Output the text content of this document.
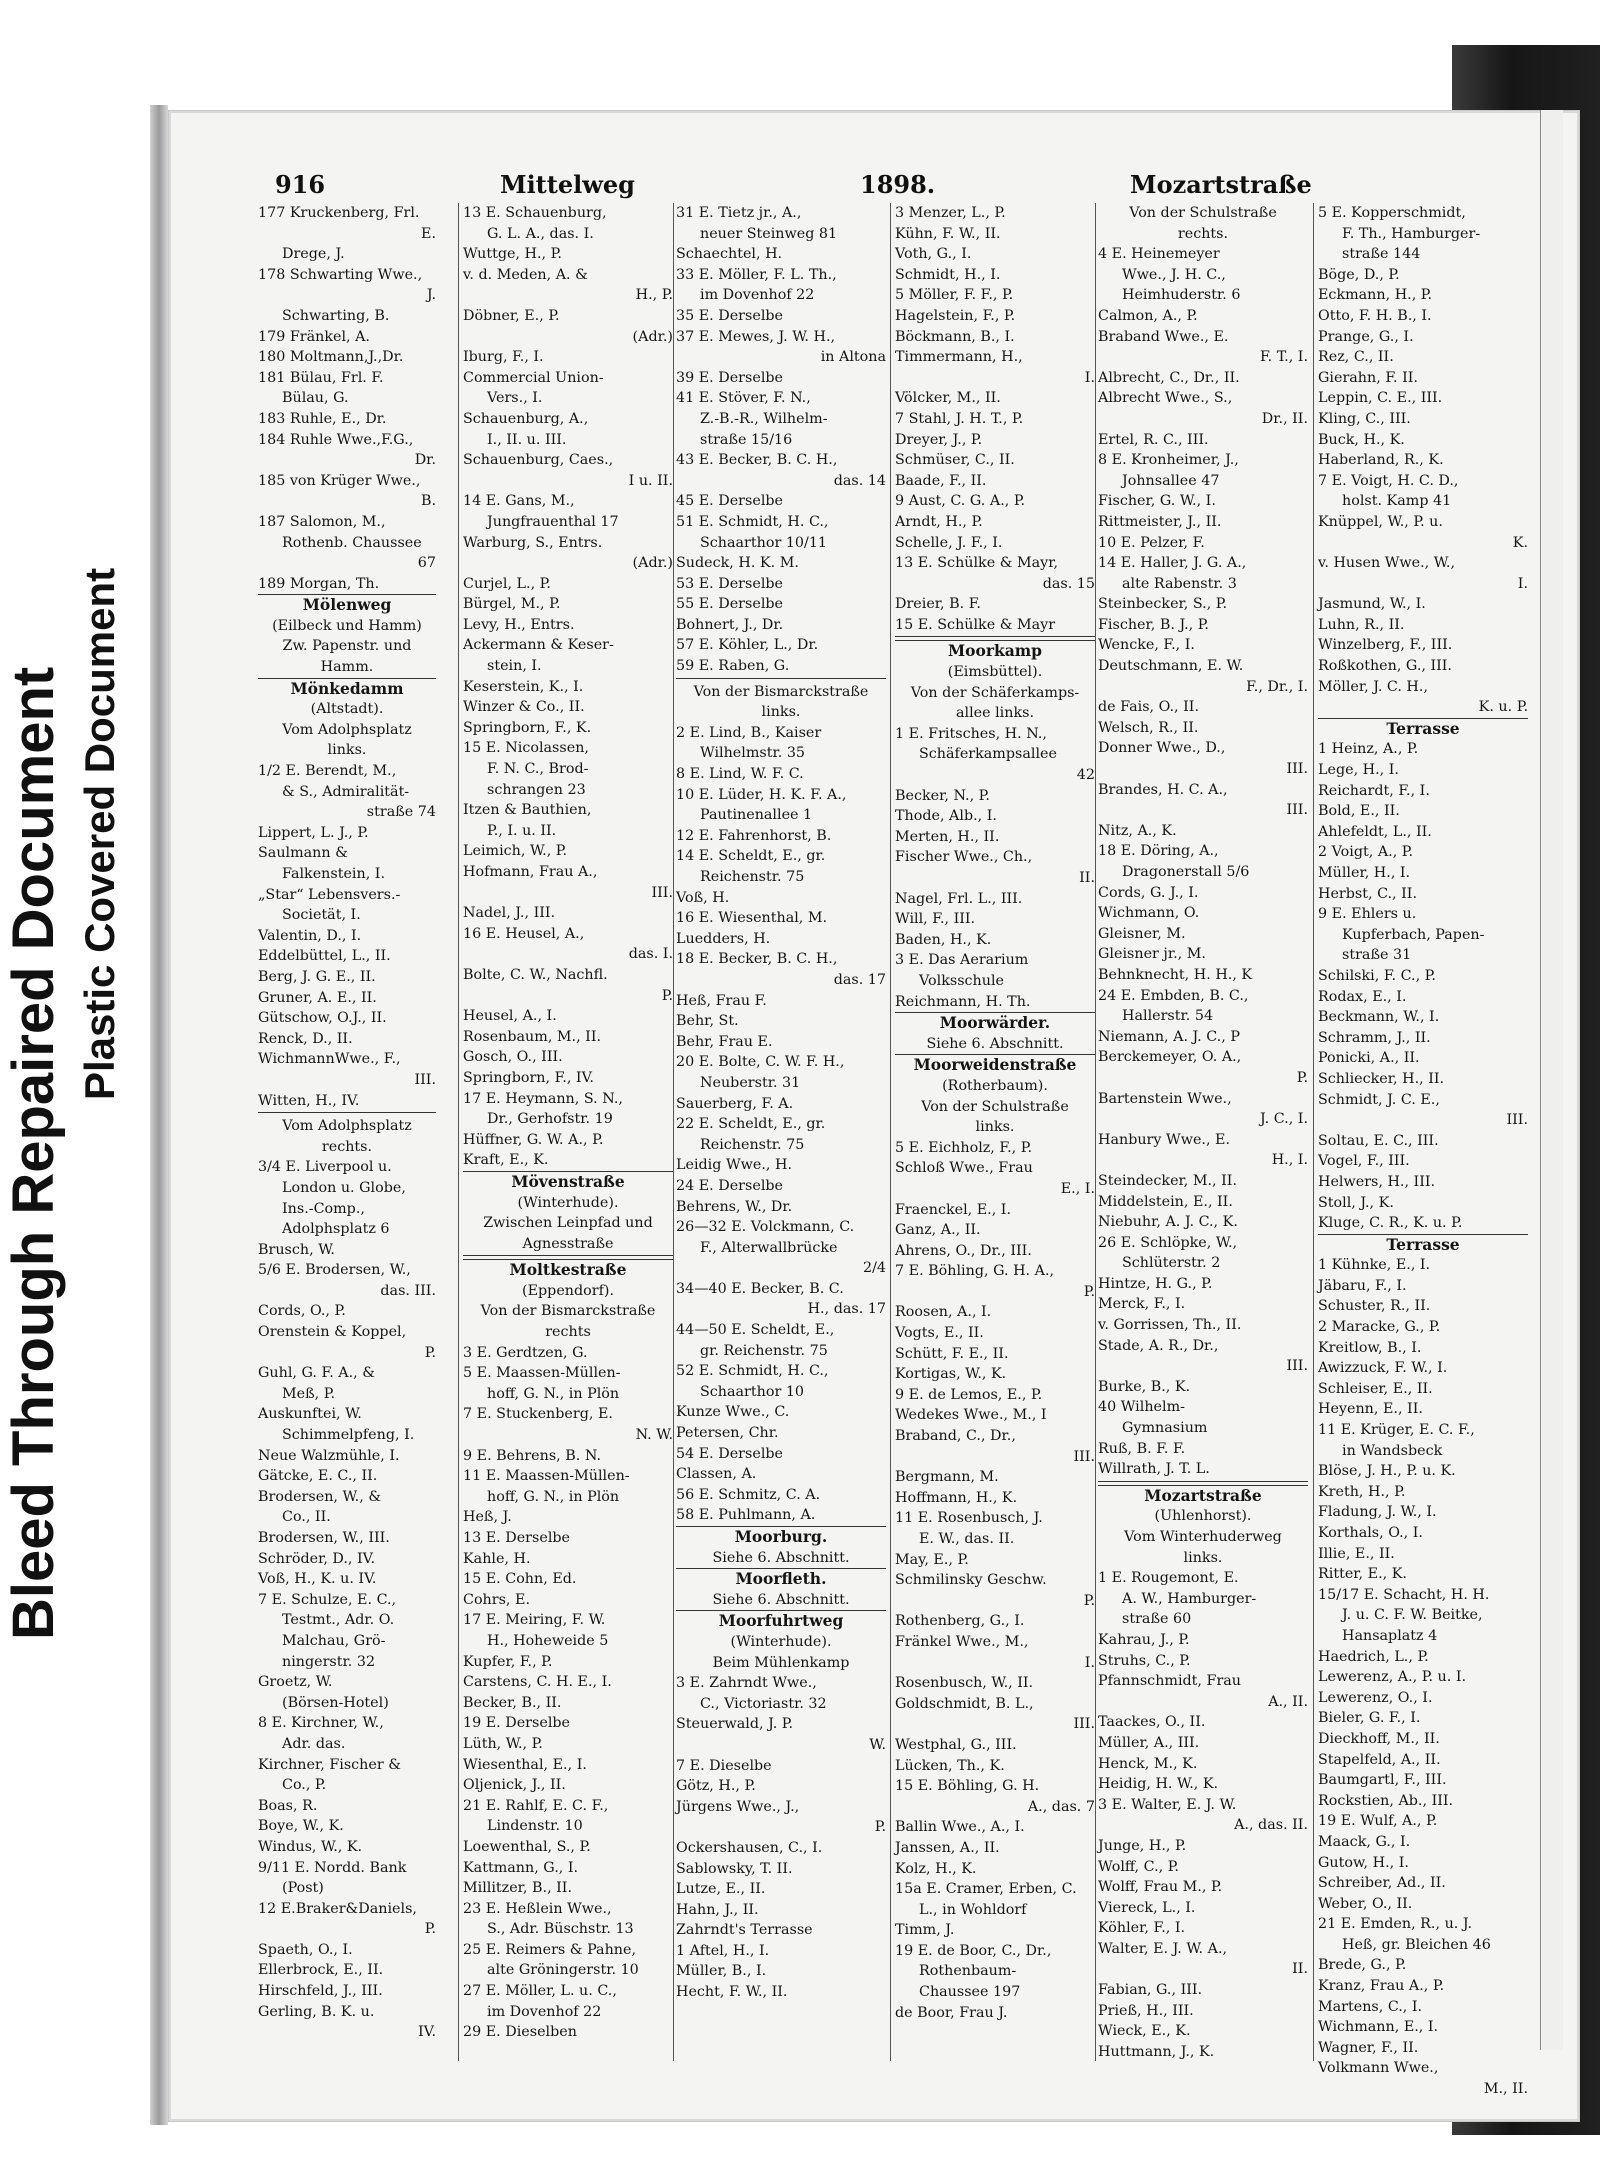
Bleed Through Repaired Document Plastic Covered Document
916	Mittelweg	1898.	Mozartstraße
177 Kruckenberg, Frl.
E.
Drege, J.
178 Schwarting Wwe.,
J.
Schwarting, B.
179 Fränkel, A.
180 Moltmann,J.,Dr.
181 Bülau, Frl. F.
Bülau, G.
183 Ruhle, E., Dr.
184 Ruhle Wwe.,F.G.,
Dr.
185 von Krüger Wwe.,
B.
187 Salomon, M.,
Rothenb. Chaussee
67
189 Morgan, Th.
Mölenweg
(Eilbeck und Hamm)
Zw. Papenstr. und
Hamm.
Mönkedamm
(Altstadt).
Vom Adolphsplatz
links.
1/2 E. Berendt, M.,
& S., Admiralität-
straße 74
Lippert, L. J., P.
Saulmann &
Falkenstein, I.
„Star“ Lebensvers.-
Societät, I.
Valentin, D., I.
Eddelbüttel, L., II.
Berg, J. G. E., II.
Gruner, A. E., II.
Gütschow, O.J., II.
Renck, D., II.
WichmannWwe., F.,
III.
Witten, H., IV.
Vom Adolphsplatz
rechts.
3/4 E. Liverpool u.
London u. Globe,
Ins.-Comp.,
Adolphsplatz 6
Brusch, W.
5/6 E. Brodersen, W.,
das. III.
Cords, O., P.
Orenstein & Koppel,
P.
Guhl, G. F. A., &
Meß, P.
Auskunftei, W.
Schimmelpfeng, I.
Neue Walzmühle, I.
Gätcke, E. C., II.
Brodersen, W., &
Co., II.
Brodersen, W., III.
Schröder, D., IV.
Voß, H., K. u. IV.
7 E. Schulze, E. C.,
Testmt., Adr. O.
Malchau, Grö-
ningerstr. 32
Groetz, W.
(Börsen-Hotel)
8 E. Kirchner, W.,
Adr. das.
Kirchner, Fischer &
Co., P.
Boas, R.
Boye, W., K.
Windus, W., K.
9/11 E. Nordd. Bank
(Post)
12 E.Braker&Daniels,
P.
Spaeth, O., I.
Ellerbrock, E., II.
Hirschfeld, J., III.
Gerling, B. K. u.
IV.
13 E. Schauenburg,
G. L. A., das. I.
Wuttge, H., P.
v. d. Meden, A. &
H., P.
Döbner, E., P.
(Adr.)
Iburg, F., I.
Commercial Union-
Vers., I.
Schauenburg, A.,
I., II. u. III.
Schauenburg, Caes.,
I u. II.
14 E. Gans, M.,
Jungfrauenthal 17
Warburg, S., Entrs.
(Adr.)
Curjel, L., P.
Bürgel, M., P.
Levy, H., Entrs.
Ackermann & Keser-
stein, I.
Keserstein, K., I.
Winzer & Co., II.
Springborn, F., K.
15 E. Nicolassen,
F. N. C., Brod-
schrangen 23
Itzen & Bauthien,
P., I. u. II.
Leimich, W., P.
Hofmann, Frau A.,
III.
Nadel, J., III.
16 E. Heusel, A.,
das. I.
Bolte, C. W., Nachfl.
P.
Heusel, A., I.
Rosenbaum, M., II.
Gosch, O., III.
Springborn, F., IV.
17 E. Heymann, S. N.,
Dr., Gerhofstr. 19
Hüffner, G. W. A., P.
Kraft, E., K.
Mövenstraße
(Winterhude).
Zwischen Leinpfad und
Agnesstraße
Moltkestraße
(Eppendorf).
Von der Bismarckstraße
rechts
3 E. Gerdtzen, G.
5 E. Maassen-Müllen-
hoff, G. N., in Plön
7 E. Stuckenberg, E.
N. W.
9 E. Behrens, B. N.
11 E. Maassen-Müllen-
hoff, G. N., in Plön
Heß, J.
13 E. Derselbe
Kahle, H.
15 E. Cohn, Ed.
Cohrs, E.
17 E. Meiring, F. W.
H., Hoheweide 5
Kupfer, F., P.
Carstens, C. H. E., I.
Becker, B., II.
19 E. Derselbe
Lüth, W., P.
Wiesenthal, E., I.
Oljenick, J., II.
21 E. Rahlf, E. C. F.,
Lindenstr. 10
Loewenthal, S., P.
Kattmann, G., I.
Millitzer, B., II.
23 E. Heßlein Wwe.,
S., Adr. Büschstr. 13
25 E. Reimers & Pahne,
alte Gröningerstr. 10
27 E. Möller, L. u. C.,
im Dovenhof 22
29 E. Dieselben
31 E. Tietz jr., A.,
neuer Steinweg 81
Schaechtel, H.
33 E. Möller, F. L. Th.,
im Dovenhof 22
35 E. Derselbe
37 E. Mewes, J. W. H.,
in Altona
39 E. Derselbe
41 E. Stöver, F. N.,
Z.-B.-R., Wilhelm-
straße 15/16
43 E. Becker, B. C. H.,
das. 14
45 E. Derselbe
51 E. Schmidt, H. C.,
Schaarthor 10/11
Sudeck, H. K. M.
53 E. Derselbe
55 E. Derselbe
Bohnert, J., Dr.
57 E. Köhler, L., Dr.
59 E. Raben, G.
Von der Bismarckstraße
links.
2 E. Lind, B., Kaiser
Wilhelmstr. 35
8 E. Lind, W. F. C.
10 E. Lüder, H. K. F. A.,
Pautinenallee 1
12 E. Fahrenhorst, B.
14 E. Scheldt, E., gr.
Reichenstr. 75
Voß, H.
16 E. Wiesenthal, M.
Luedders, H.
18 E. Becker, B. C. H.,
das. 17
Heß, Frau F.
Behr, St.
Behr, Frau E.
20 E. Bolte, C. W. F. H.,
Neuberstr. 31
Sauerberg, F. A.
22 E. Scheldt, E., gr.
Reichenstr. 75
Leidig Wwe., H.
24 E. Derselbe
Behrens, W., Dr.
26—32 E. Volckmann, C.
F., Alterwallbrücke
2/4
34—40 E. Becker, B. C.
H., das. 17
44—50 E. Scheldt, E.,
gr. Reichenstr. 75
52 E. Schmidt, H. C.,
Schaarthor 10
Kunze Wwe., C.
Petersen, Chr.
54 E. Derselbe
Classen, A.
56 E. Schmitz, C. A.
58 E. Puhlmann, A.
Moorburg.
Siehe 6. Abschnitt.
Moorfleth.
Siehe 6. Abschnitt.
Moorfuhrtweg
(Winterhude).
Beim Mühlenkamp
3 E. Zahrndt Wwe.,
C., Victoriastr. 32
Steuerwald, J. P.
W.
7 E. Dieselbe
Götz, H., P.
Jürgens Wwe., J.,
P.
Ockershausen, C., I.
Sablowsky, T. II.
Lutze, E., II.
Hahn, J., II.
Zahrndt's Terrasse
1 Aftel, H., I.
Müller, B., I.
Hecht, F. W., II.
3 Menzer, L., P.
Kühn, F. W., II.
Voth, G., I.
Schmidt, H., I.
5 Möller, F. F., P.
Hagelstein, F., P.
Böckmann, B., I.
Timmermann, H.,
I.
Völcker, M., II.
7 Stahl, J. H. T., P.
Dreyer, J., P.
Schmüser, C., II.
Baade, F., II.
9 Aust, C. G. A., P.
Arndt, H., P.
Schelle, J. F., I.
13 E. Schülke & Mayr,
das. 15
Dreier, B. F.
15 E. Schülke & Mayr
Moorkamp
(Eimsbüttel).
Von der Schäferkamps-
allee links.
1 E. Fritsches, H. N.,
Schäferkampsallee
42
Becker, N., P.
Thode, Alb., I.
Merten, H., II.
Fischer Wwe., Ch.,
II.
Nagel, Frl. L., III.
Will, F., III.
Baden, H., K.
3 E. Das Aerarium
Volksschule
Reichmann, H. Th.
Moorwärder.
Siehe 6. Abschnitt.
Moorweidenstraße
(Rotherbaum).
Von der Schulstraße
links.
5 E. Eichholz, F., P.
Schloß Wwe., Frau
E., I.
Fraenckel, E., I.
Ganz, A., II.
Ahrens, O., Dr., III.
7 E. Böhling, G. H. A.,
P.
Roosen, A., I.
Vogts, E., II.
Schütt, F. E., II.
Kortigas, W., K.
9 E. de Lemos, E., P.
Wedekes Wwe., M., I
Braband, C., Dr.,
III.
Bergmann, M.
Hoffmann, H., K.
11 E. Rosenbusch, J.
E. W., das. II.
May, E., P.
Schmilinsky Geschw.
P.
Rothenberg, G., I.
Fränkel Wwe., M.,
I.
Rosenbusch, W., II.
Goldschmidt, B. L.,
III.
Westphal, G., III.
Lücken, Th., K.
15 E. Böhling, G. H.
A., das. 7
Ballin Wwe., A., I.
Janssen, A., II.
Kolz, H., K.
15a E. Cramer, Erben, C.
L., in Wohldorf
Timm, J.
19 E. de Boor, C., Dr.,
Rothenbaum-
Chaussee 197
de Boor, Frau J.
Von der Schulstraße
rechts.
4 E. Heinemeyer
Wwe., J. H. C.,
Heimhuderstr. 6
Calmon, A., P.
Braband Wwe., E.
F. T., I.
Albrecht, C., Dr., II.
Albrecht Wwe., S.,
Dr., II.
Ertel, R. C., III.
8 E. Kronheimer, J.,
Johnsallee 47
Fischer, G. W., I.
Rittmeister, J., II.
10 E. Pelzer, F.
14 E. Haller, J. G. A.,
alte Rabenstr. 3
Steinbecker, S., P.
Fischer, B. J., P.
Wencke, F., I.
Deutschmann, E. W.
F., Dr., I.
de Fais, O., II.
Welsch, R., II.
Donner Wwe., D.,
III.
Brandes, H. C. A.,
III.
Nitz, A., K.
18 E. Döring, A.,
Dragonerstall 5/6
Cords, G. J., I.
Wichmann, O.
Gleisner, M.
Gleisner jr., M.
Behnknecht, H. H., K
24 E. Embden, B. C.,
Hallerstr. 54
Niemann, A. J. C., P
Berckemeyer, O. A.,
P.
Bartenstein Wwe.,
J. C., I.
Hanbury Wwe., E.
H., I.
Steindecker, M., II.
Middelstein, E., II.
Niebuhr, A. J. C., K.
26 E. Schlöpke, W.,
Schlüterstr. 2
Hintze, H. G., P.
Merck, F., I.
v. Gorrissen, Th., II.
Stade, A. R., Dr.,
III.
Burke, B., K.
40 Wilhelm-
Gymnasium
Ruß, B. F. F.
Willrath, J. T. L.
Mozartstraße
(Uhlenhorst).
Vom Winterhuderweg
links.
1 E. Rougemont, E.
A. W., Hamburger-
straße 60
Kahrau, J., P.
Struhs, C., P.
Pfannschmidt, Frau
A., II.
Taackes, O., II.
Müller, A., III.
Henck, M., K.
Heidig, H. W., K.
3 E. Walter, E. J. W.
A., das. II.
Junge, H., P.
Wolff, C., P.
Wolff, Frau M., P.
Viereck, L., I.
Köhler, F., I.
Walter, E. J. W. A.,
II.
Fabian, G., III.
Prieß, H., III.
Wieck, E., K.
Huttmann, J., K.
5 E. Kopperschmidt,
F. Th., Hamburger-
straße 144
Böge, D., P.
Eckmann, H., P.
Otto, F. H. B., I.
Prange, G., I.
Rez, C., II.
Gierahn, F. II.
Leppin, C. E., III.
Kling, C., III.
Buck, H., K.
Haberland, R., K.
7 E. Voigt, H. C. D.,
holst. Kamp 41
Knüppel, W., P. u.
K.
v. Husen Wwe., W.,
I.
Jasmund, W., I.
Luhn, R., II.
Winzelberg, F., III.
Roßkothen, G., III.
Möller, J. C. H.,
K. u. P.
Terrasse
1 Heinz, A., P.
Lege, H., I.
Reichardt, F., I.
Bold, E., II.
Ahlefeldt, L., II.
2 Voigt, A., P.
Müller, H., I.
Herbst, C., II.
9 E. Ehlers u.
Kupferbach, Papen-
straße 31
Schilski, F. C., P.
Rodax, E., I.
Beckmann, W., I.
Schramm, J., II.
Ponicki, A., II.
Schliecker, H., II.
Schmidt, J. C. E.,
III.
Soltau, E. C., III.
Vogel, F., III.
Helwers, H., III.
Stoll, J., K.
Kluge, C. R., K. u. P.
Terrasse
1 Kühnke, E., I.
Jäbaru, F., I.
Schuster, R., II.
2 Maracke, G., P.
Kreitlow, B., I.
Awizzuck, F. W., I.
Schleiser, E., II.
Heyenn, E., II.
11 E. Krüger, E. C. F.,
in Wandsbeck
Blöse, J. H., P. u. K.
Kreth, H., P.
Fladung, J. W., I.
Korthals, O., I.
Illie, E., II.
Ritter, E., K.
15/17 E. Schacht, H. H.
J. u. C. F. W. Beitke,
Hansaplatz 4
Haedrich, L., P.
Lewerenz, A., P. u. I.
Lewerenz, O., I.
Bieler, G. F., I.
Dieckhoff, M., II.
Stapelfeld, A., II.
Baumgartl, F., III.
Rockstien, Ab., III.
19 E. Wulf, A., P.
Maack, G., I.
Gutow, H., I.
Schreiber, Ad., II.
Weber, O., II.
21 E. Emden, R., u. J.
Heß, gr. Bleichen 46
Brede, G., P.
Kranz, Frau A., P.
Martens, C., I.
Wichmann, E., I.
Wagner, F., II.
Volkmann Wwe.,
M., II.
